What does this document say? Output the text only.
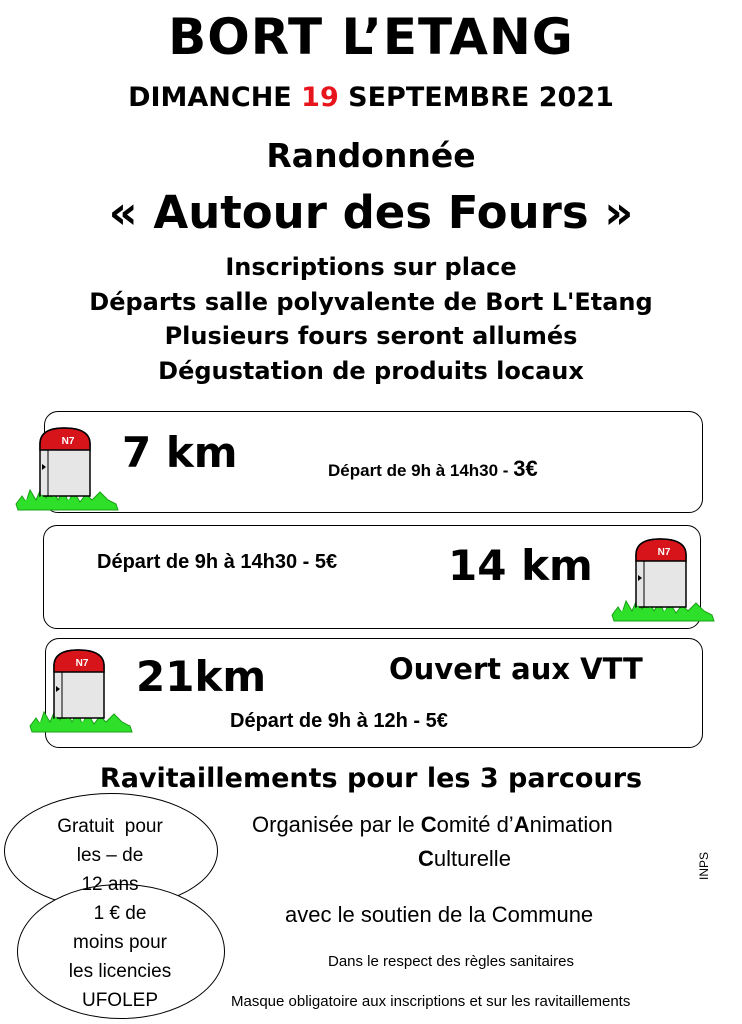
BORT L’ETANG
DIMANCHE 19 SEPTEMBRE 2021
Randonnée
« Autour des Fours »
Inscriptions sur place
Départs salle polyvalente de Bort L'Etang
Plusieurs fours seront allumés
Dégustation de produits locaux
7 km	Départ de 9h à 14h30 - 3€
Départ de 9h à 14h30 - 5€	14 km
21km	Ouvert aux VTT
Départ de 9h à 12h - 5€
N7
N7
N7
Ravitaillements pour les 3 parcours
Gratuit  pour
les – de
12 ans
1 € de
moins pour
les licencies
UFOLEP
Organisée par le Comité d’Animation
Culturelle
avec le soutien de la Commune
Dans le respect des règles sanitaires
Masque obligatoire aux inscriptions et sur les ravitaillements
INPS
